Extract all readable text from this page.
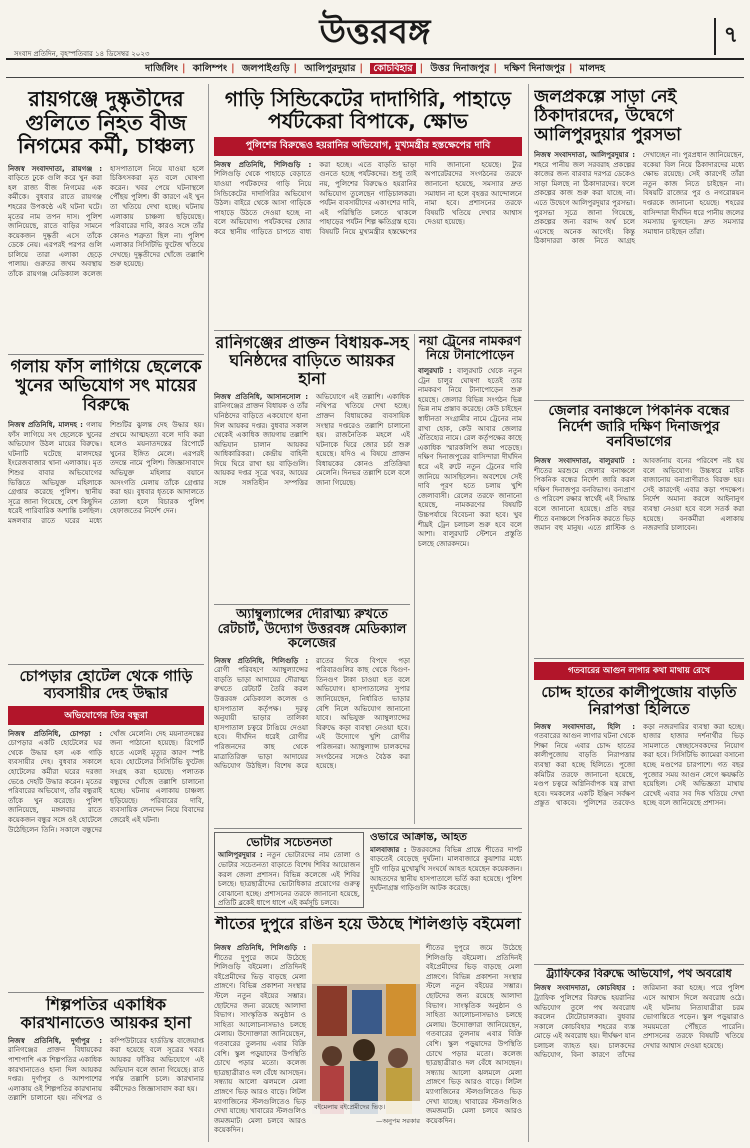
উত্তরবঙ্গ
সংবাদ প্রতিদিন, বৃহস্পতিবার ১৪ ডিসেম্বর ২০২৩
৭
দার্জিলিং | কালিম্পং | জলপাইগুড়ি | আলিপুরদুয়ার | কোচবিহার | উত্তর দিনাজপুর | দক্ষিণ দিনাজপুর | মালদহ
রায়গঞ্জে দুষ্কৃতীদের গুলিতে নিহত বীজ নিগমের কর্মী, চাঞ্চল্য
নিজস্ব সংবাদদাতা, রায়গঞ্জ : বাড়িতে ঢুকে গুলি করে খুন করা হল রাজ্য বীজ নিগমের এক কর্মীকে। বুধবার রাতে রায়গঞ্জ শহরের উপকণ্ঠে এই ঘটনা ঘটে। মৃতের নাম তপন দাস। পুলিশ জানিয়েছে, রাতে বাড়ির সামনে কয়েকজন দুষ্কৃতী এসে তাঁকে ডেকে নেয়। এরপরই পরপর গুলি চালিয়ে তারা এলাকা ছেড়ে পালায়। গুরুতর জখম অবস্থায় তাঁকে রায়গঞ্জ মেডিক্যাল কলেজ হাসপাতালে নিয়ে যাওয়া হলে চিকিৎসকরা মৃত বলে ঘোষণা করেন। খবর পেয়ে ঘটনাস্থলে পৌঁছয় পুলিশ। কী কারণে এই খুন তা খতিয়ে দেখা হচ্ছে। ঘটনায় এলাকায় চাঞ্চল্য ছড়িয়েছে। পরিবারের দাবি, কারও সঙ্গে তাঁর কোনও শত্রুতা ছিল না। পুলিশ এলাকার সিসিটিভি ফুটেজ খতিয়ে দেখছে। দুষ্কৃতীদের খোঁজে তল্লাশি শুরু হয়েছে।
গলায় ফাঁস লাগিয়ে ছেলেকে খুনের অভিযোগ সৎ মায়ের বিরুদ্ধে
নিজস্ব প্রতিনিধি, মালদহ : গলায় ফাঁস লাগিয়ে সৎ ছেলেকে খুনের অভিযোগ উঠল মায়ের বিরুদ্ধে। ঘটনাটি ঘটেছে মালদহের ইংরেজবাজার থানা এলাকায়। মৃত শিশুর বাবার অভিযোগের ভিত্তিতে অভিযুক্ত মহিলাকে গ্রেপ্তার করেছে পুলিশ। স্থানীয় সূত্রে জানা গিয়েছে, বেশ কিছুদিন ধরেই পারিবারিক অশান্তি চলছিল। মঙ্গলবার রাতে ঘরের মধ্যে শিশুটির ঝুলন্ত দেহ উদ্ধার হয়। প্রথমে আত্মহত্যা বলে দাবি করা হলেও ময়নাতদন্তের রিপোর্টে খুনের ইঙ্গিত মেলে। এরপরই তদন্তে নামে পুলিশ। জিজ্ঞাসাবাদে অভিযুক্ত মহিলার বয়ানে অসংগতি মেলায় তাঁকে গ্রেপ্তার করা হয়। বুধবার ধৃতকে আদালতে তোলা হলে বিচারক পুলিশ হেফাজতের নির্দেশ দেন।
চোপড়ার হোটেল থেকে গাড়ি ব্যবসায়ীর দেহ উদ্ধার
অভিযোগের তির বন্ধুরা
নিজস্ব প্রতিনিধি, চোপড়া : চোপড়ার একটি হোটেলের ঘর থেকে উদ্ধার হল এক গাড়ি ব্যবসায়ীর দেহ। বুধবার সকালে হোটেলের কর্মীরা ঘরের দরজা ভেঙে দেহটি উদ্ধার করেন। মৃতের পরিবারের অভিযোগ, তাঁর বন্ধুরাই তাঁকে খুন করেছে। পুলিশ জানিয়েছে, মঙ্গলবার রাতে কয়েকজন বন্ধুর সঙ্গে ওই হোটেলে উঠেছিলেন তিনি। সকালে বন্ধুদের খোঁজ মেলেনি। দেহ ময়নাতদন্তের জন্য পাঠানো হয়েছে। রিপোর্ট হাতে এলেই মৃত্যুর কারণ স্পষ্ট হবে। হোটেলের সিসিটিভি ফুটেজ সংগ্রহ করা হয়েছে। পলাতক বন্ধুদের খোঁজে তল্লাশি চালানো হচ্ছে। ঘটনায় এলাকায় চাঞ্চল্য ছড়িয়েছে। পরিবারের দাবি, ব্যবসায়িক লেনদেন নিয়ে বিবাদের জেরেই এই ঘটনা।
শিল্পপতির একাধিক কারখানাতেও আয়কর হানা
নিজস্ব প্রতিনিধি, দুর্গাপুর : রানিগঞ্জের প্রাক্তন বিধায়কের পাশাপাশি এক শিল্পপতির একাধিক কারখানাতেও হানা দিল আয়কর দপ্তর। দুর্গাপুর ও আশপাশের এলাকায় ওই শিল্পপতির কারখানায় তল্লাশি চালানো হয়। নথিপত্র ও কম্পিউটারের হার্ডডিস্ক বাজেয়াপ্ত করা হয়েছে বলে সূত্রের খবর। আয়কর ফাঁকির অভিযোগে এই অভিযান বলে জানা গিয়েছে। রাত পর্যন্ত তল্লাশি চলে। কারখানার কর্মীদেরও জিজ্ঞাসাবাদ করা হয়।
গাড়ি সিন্ডিকেটের দাদাগিরি, পাহাড়ে পর্যটকেরা বিপাকে, ক্ষোভ
পুলিশের বিরুদ্ধেও হয়রানির অভিযোগ, মুখ্যমন্ত্রীর হস্তক্ষেপের দাবি
নিজস্ব প্রতিনিধি, শিলিগুড়ি : শিলিগুড়ি থেকে পাহাড়ে বেড়াতে যাওয়া পর্যটকদের গাড়ি নিয়ে সিন্ডিকেটের দাদাগিরির অভিযোগ উঠল। বাইরে থেকে আসা গাড়িকে পাহাড়ে উঠতে দেওয়া হচ্ছে না বলে অভিযোগ। পর্যটকদের জোর করে স্থানীয় গাড়িতে চাপতে বাধ্য করা হচ্ছে। এতে বাড়তি ভাড়া গুনতে হচ্ছে পর্যটকদের। শুধু তাই নয়, পুলিশের বিরুদ্ধেও হয়রানির অভিযোগ তুলেছেন গাড়িচালকরা। পর্যটন ব্যবসায়ীদের একাংশের দাবি, এই পরিস্থিতি চলতে থাকলে পাহাড়ের পর্যটন শিল্প ক্ষতিগ্রস্ত হবে। বিষয়টি নিয়ে মুখ্যমন্ত্রীর হস্তক্ষেপের দাবি জানানো হয়েছে। ট্যুর অপারেটরদের সংগঠনের তরফে জানানো হয়েছে, সমস্যার দ্রুত সমাধান না হলে বৃহত্তর আন্দোলনে নামা হবে। প্রশাসনের তরফে বিষয়টি খতিয়ে দেখার আশ্বাস দেওয়া হয়েছে।
রানিগঞ্জের প্রাক্তন বিধায়ক-সহ ঘনিষ্ঠদের বাড়িতে আয়কর হানা
নিজস্ব প্রতিনিধি, আসানসোল : রানিগঞ্জের প্রাক্তন বিধায়ক ও তাঁর ঘনিষ্ঠদের বাড়িতে একযোগে হানা দিল আয়কর দপ্তর। বুধবার সকাল থেকেই একাধিক জায়গায় তল্লাশি অভিযান চালান আয়কর আধিকারিকরা। কেন্দ্রীয় বাহিনী দিয়ে ঘিরে রাখা হয় বাড়িগুলি। আয়কর দপ্তর সূত্রে খবর, আয়ের সঙ্গে সঙ্গতিহীন সম্পত্তির অভিযোগে এই তল্লাশি। একাধিক নথিপত্র খতিয়ে দেখা হচ্ছে। প্রাক্তন বিধায়কের ব্যবসায়িক সংস্থার দপ্তরেও তল্লাশি চালানো হয়। রাজনৈতিক মহলে এই ঘটনাকে ঘিরে জোর চর্চা শুরু হয়েছে। যদিও এ বিষয়ে প্রাক্তন বিধায়কের কোনও প্রতিক্রিয়া মেলেনি। দিনভর তল্লাশি চলে বলে জানা গিয়েছে।
নয়া ট্রেনের নামকরণ নিয়ে টানাপোড়েন
বালুরঘাট : বালুরঘাট থেকে নতুন ট্রেন চালুর ঘোষণা হতেই তার নামকরণ নিয়ে টানাপোড়েন শুরু হয়েছে। জেলার বিভিন্ন সংগঠন ভিন্ন ভিন্ন নাম প্রস্তাব করেছে। কেউ চাইছেন স্বাধীনতা সংগ্রামীর নামে ট্রেনের নাম রাখা হোক, কেউ আবার জেলার ঐতিহ্যের নামে। রেল কর্তৃপক্ষের কাছে একাধিক স্মারকলিপি জমা পড়েছে। দক্ষিণ দিনাজপুরের বাসিন্দারা দীর্ঘদিন ধরে এই রুটে নতুন ট্রেনের দাবি জানিয়ে আসছিলেন। অবশেষে সেই দাবি পূরণ হতে চলায় খুশি জেলাবাসী। রেলের তরফে জানানো হয়েছে, নামকরণের বিষয়টি উচ্চপর্যায়ে বিবেচনা করা হবে। খুব শীঘ্রই ট্রেন চলাচল শুরু হবে বলে আশা। বালুরঘাট স্টেশনে প্রস্তুতি চলছে জোরকদমে।
অ্যাম্বুল্যান্সের দৌরাত্ম্য রুখতে রেটচার্ট, উদ্যোগ উত্তরবঙ্গ মেডিক্যাল কলেজের
নিজস্ব প্রতিনিধি, শিলিগুড়ি : রোগী পরিবহণে অ্যাম্বুল্যান্সের বাড়তি ভাড়া আদায়ের দৌরাত্ম্য রুখতে রেটচার্ট তৈরি করল উত্তরবঙ্গ মেডিক্যাল কলেজ ও হাসপাতাল কর্তৃপক্ষ। দূরত্ব অনুযায়ী ভাড়ার তালিকা হাসপাতাল চত্বরে টাঙিয়ে দেওয়া হবে। দীর্ঘদিন ধরেই রোগীর পরিজনদের কাছ থেকে মাত্রাতিরিক্ত ভাড়া আদায়ের অভিযোগ উঠছিল। বিশেষ করে রাতের দিকে বিপদে পড়া পরিবারগুলির কাছ থেকে দ্বিগুণ-তিনগুণ টাকা চাওয়া হত বলে অভিযোগ। হাসপাতালের সুপার জানিয়েছেন, নির্ধারিত ভাড়ার বেশি নিলে অভিযোগ জানানো যাবে। অভিযুক্ত অ্যাম্বুল্যান্সের বিরুদ্ধে কড়া ব্যবস্থা নেওয়া হবে। এই উদ্যোগে খুশি রোগীর পরিজনরা। অ্যাম্বুল্যান্স চালকদের সংগঠনের সঙ্গেও বৈঠক করা হয়েছে।
ভোটার সচেতনতা
আলিপুরদুয়ার : নতুন ভোটারদের নাম তোলা ও ভোটার সচেতনতা বাড়াতে বিশেষ শিবির আয়োজন করল জেলা প্রশাসন। বিভিন্ন কলেজে এই শিবির চলছে। ছাত্রছাত্রীদের ভোটাধিকার প্রয়োগের গুরুত্ব বোঝানো হচ্ছে। প্রশাসনের তরফে জানানো হয়েছে, প্রতিটি ব্লকেই ধাপে ধাপে এই কর্মসূচি চলবে।
ওভারে আক্রান্ত, আহত
মালবাজার : উত্তরবঙ্গের বিভিন্ন প্রান্তে শীতের দাপট বাড়তেই বেড়েছে দুর্ঘটনা। মালবাজারে কুয়াশার মধ্যে দুটি গাড়ির মুখোমুখি সংঘর্ষে আহত হয়েছেন কয়েকজন। আহতদের স্থানীয় হাসপাতালে ভর্তি করা হয়েছে। পুলিশ দুর্ঘটনাগ্রস্ত গাড়িগুলি আটক করেছে।
শীতের দুপুরে রঙিন হয়ে উঠছে শিলিগুড়ি বইমেলা
নিজস্ব প্রতিনিধি, শিলিগুড়ি : শীতের দুপুরে জমে উঠেছে শিলিগুড়ি বইমেলা। প্রতিদিনই বইপ্রেমীদের ভিড় বাড়ছে মেলা প্রাঙ্গণে। বিভিন্ন প্রকাশনা সংস্থার স্টলে নতুন বইয়ের সম্ভার। ছোটদের জন্য রয়েছে আলাদা বিভাগ। সাংস্কৃতিক অনুষ্ঠান ও সাহিত্য আলোচনাসভাও চলছে মেলায়। উদ্যোক্তারা জানিয়েছেন, গতবারের তুলনায় এবার বিক্রি বেশি। স্কুল পড়ুয়াদের উপস্থিতি চোখে পড়ার মতো। কলেজ ছাত্রছাত্রীরাও দল বেঁধে আসছেন। সন্ধ্যায় আলো ঝলমলে মেলা প্রাঙ্গণে ভিড় আরও বাড়ে। লিটল ম্যাগাজিনের স্টলগুলিতেও ভিড় দেখা যাচ্ছে। খাবারের স্টলগুলিও জমজমাট। মেলা চলবে আরও কয়েকদিন।
বইমেলায় বইপ্রেমীদের ভিড়।
—অনুপম সরকার
শীতের দুপুরে জমে উঠেছে শিলিগুড়ি বইমেলা। প্রতিদিনই বইপ্রেমীদের ভিড় বাড়ছে মেলা প্রাঙ্গণে। বিভিন্ন প্রকাশনা সংস্থার স্টলে নতুন বইয়ের সম্ভার। ছোটদের জন্য রয়েছে আলাদা বিভাগ। সাংস্কৃতিক অনুষ্ঠান ও সাহিত্য আলোচনাসভাও চলছে মেলায়। উদ্যোক্তারা জানিয়েছেন, গতবারের তুলনায় এবার বিক্রি বেশি। স্কুল পড়ুয়াদের উপস্থিতি চোখে পড়ার মতো। কলেজ ছাত্রছাত্রীরাও দল বেঁধে আসছেন। সন্ধ্যায় আলো ঝলমলে মেলা প্রাঙ্গণে ভিড় আরও বাড়ে। লিটল ম্যাগাজিনের স্টলগুলিতেও ভিড় দেখা যাচ্ছে। খাবারের স্টলগুলিও জমজমাট। মেলা চলবে আরও কয়েকদিন।
জলপ্রকল্পে সাড়া নেই ঠিকাদারদের, উদ্বেগে আলিপুরদুয়ার পুরসভা
নিজস্ব সংবাদদাতা, আলিপুরদুয়ার : শহরে পানীয় জল সরবরাহ প্রকল্পের কাজের জন্য বারবার দরপত্র ডেকেও সাড়া মিলছে না ঠিকাদারদের। ফলে প্রকল্পের কাজ শুরু করা যাচ্ছে না। এতে উদ্বেগে আলিপুরদুয়ার পুরসভা। পুরসভা সূত্রে জানা গিয়েছে, প্রকল্পের জন্য বরাদ্দ অর্থ চলে এসেছে অনেক আগেই। কিন্তু ঠিকাদাররা কাজ নিতে আগ্রহ দেখাচ্ছেন না। পুরপ্রধান জানিয়েছেন, বকেয়া বিল নিয়ে ঠিকাদারদের মধ্যে ক্ষোভ রয়েছে। সেই কারণেই তাঁরা নতুন কাজ নিতে চাইছেন না। বিষয়টি রাজ্যের পুর ও নগরোন্নয়ন দপ্তরকে জানানো হয়েছে। শহরের বাসিন্দারা দীর্ঘদিন ধরে পানীয় জলের সমস্যায় ভুগছেন। দ্রুত সমস্যার সমাধান চাইছেন তাঁরা।
জেলার বনাঞ্চলে পিকনিক বন্ধের নির্দেশ জারি দক্ষিণ দিনাজপুর বনবিভাগের
নিজস্ব সংবাদদাতা, বালুরঘাট : শীতের মরশুমে জেলার বনাঞ্চলে পিকনিক বন্ধের নির্দেশ জারি করল দক্ষিণ দিনাজপুর বনবিভাগ। বন্যপ্রাণ ও পরিবেশ রক্ষার স্বার্থেই এই সিদ্ধান্ত বলে জানানো হয়েছে। প্রতি বছর শীতে বনাঞ্চলে পিকনিক করতে ভিড় জমান বহু মানুষ। এতে প্লাস্টিক ও আবর্জনায় বনের পরিবেশ নষ্ট হয় বলে অভিযোগ। উচ্চস্বরে মাইক বাজানোয় বন্যপ্রাণীরাও বিরক্ত হয়। সেই কারণেই এবার কড়া পদক্ষেপ। নির্দেশ অমান্য করলে আইনানুগ ব্যবস্থা নেওয়া হবে বলে সতর্ক করা হয়েছে। বনকর্মীরা এলাকায় নজরদারি চালাবেন।
গতবারের আগুন লাগার কথা মাথায় রেখে
চোদ্দ হাতের কালীপুজোয় বাড়তি নিরাপত্তা হিলিতে
নিজস্ব সংবাদদাতা, হিলি : গতবারের আগুন লাগার ঘটনা থেকে শিক্ষা নিয়ে এবার চোদ্দ হাতের কালীপুজোয় বাড়তি নিরাপত্তার ব্যবস্থা করা হচ্ছে হিলিতে। পুজো কমিটির তরফে জানানো হয়েছে, মণ্ডপ চত্বরে অগ্নিনির্বাপক যন্ত্র রাখা হবে। দমকলের একটি ইঞ্জিন সর্বক্ষণ প্রস্তুত থাকবে। পুলিশের তরফেও কড়া নজরদারির ব্যবস্থা করা হচ্ছে। হাজার হাজার দর্শনার্থীর ভিড় সামলাতে স্বেচ্ছাসেবকদের নিয়োগ করা হবে। সিসিটিভি ক্যামেরা বসানো হচ্ছে মণ্ডপের চারপাশে। গত বছর পুজোর সময় আগুন লেগে ক্ষয়ক্ষতি হয়েছিল। সেই অভিজ্ঞতা মাথায় রেখেই এবার সব দিক খতিয়ে দেখা হচ্ছে বলে জানিয়েছে প্রশাসন।
ট্র্যাফিকের বিরুদ্ধে অভিযোগ, পথ অবরোধ
নিজস্ব সংবাদদাতা, কোচবিহার : ট্র্যাফিক পুলিশের বিরুদ্ধে হয়রানির অভিযোগ তুলে পথ অবরোধ করলেন টোটোচালকরা। বুধবার সকালে কোচবিহার শহরের ব্যস্ত মোড়ে এই অবরোধ হয়। দীর্ঘক্ষণ যান চলাচল ব্যাহত হয়। চালকদের অভিযোগ, বিনা কারণে তাঁদের জরিমানা করা হচ্ছে। পরে পুলিশ এসে আশ্বাস দিলে অবরোধ ওঠে। এই ঘটনায় নিত্যযাত্রীরা চরম ভোগান্তিতে পড়েন। স্কুল পড়ুয়ারাও সময়মতো পৌঁছতে পারেনি। প্রশাসনের তরফে বিষয়টি খতিয়ে দেখার আশ্বাস দেওয়া হয়েছে।
